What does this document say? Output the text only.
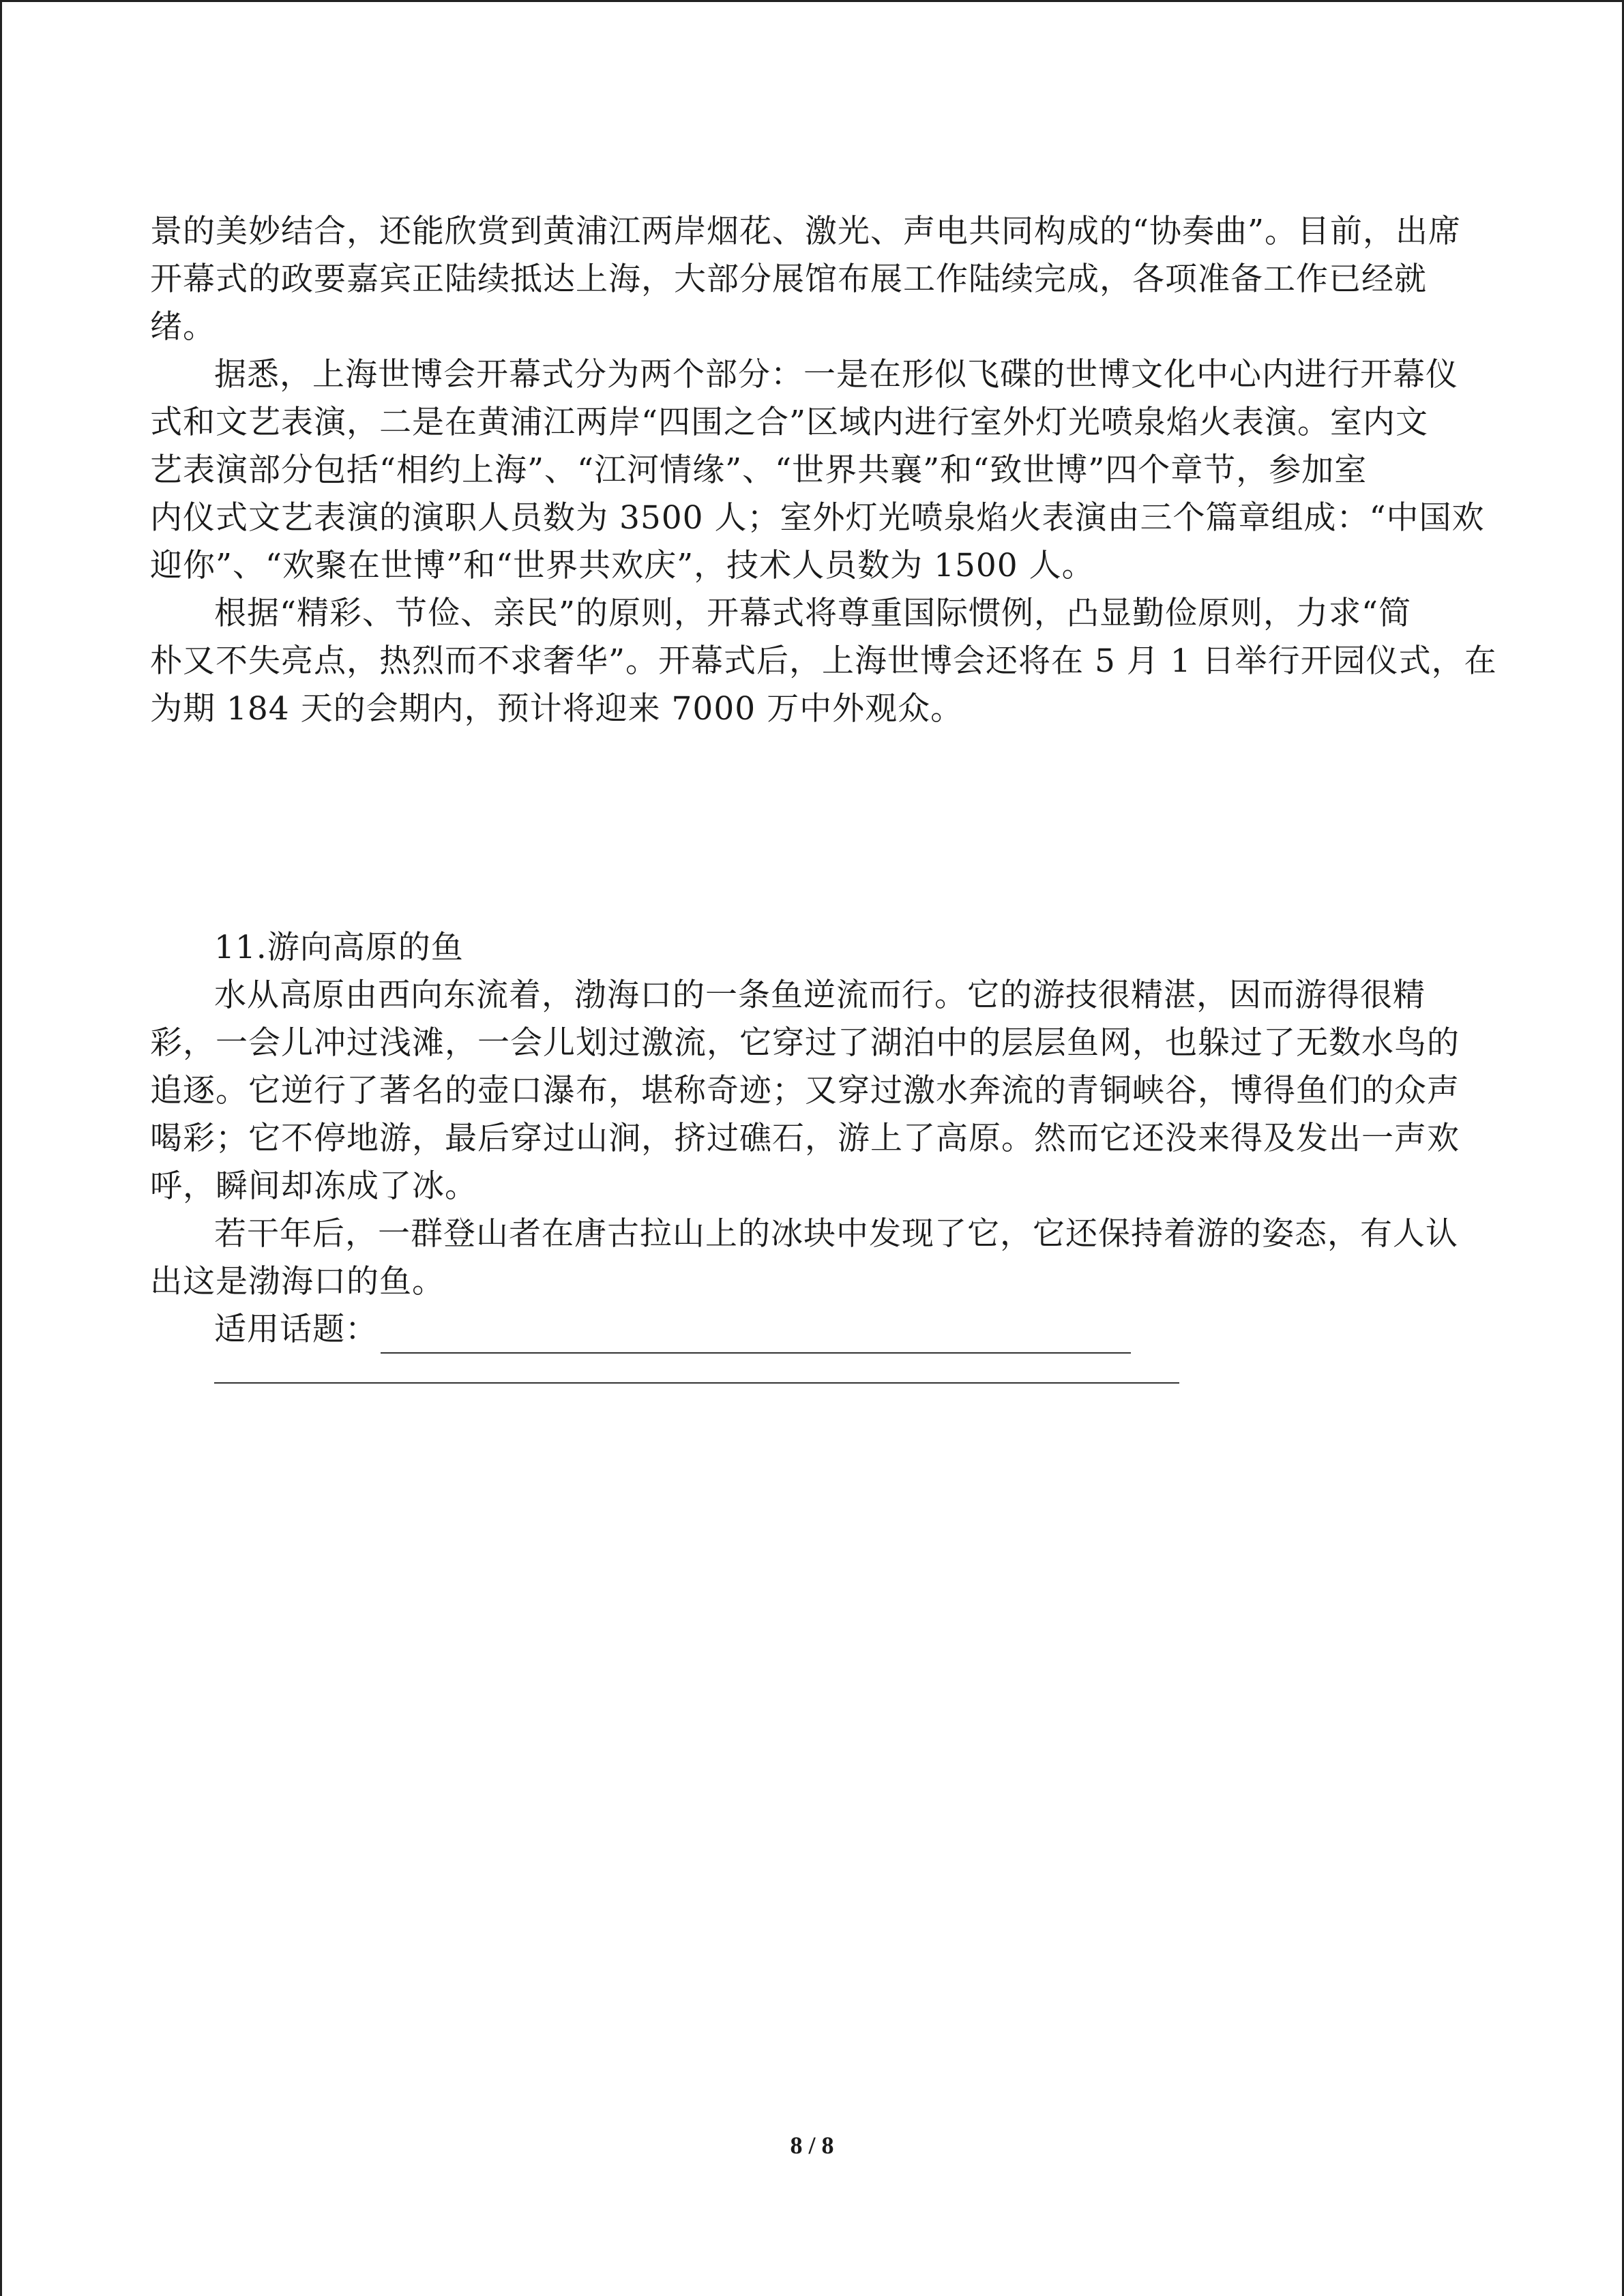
景的美妙结合，还能欣赏到黄浦江两岸烟花、激光、声电共同构成的“协奏曲”。目前，出席
开幕式的政要嘉宾正陆续抵达上海，大部分展馆布展工作陆续完成，各项准备工作已经就
绪。
据悉，上海世博会开幕式分为两个部分：一是在形似飞碟的世博文化中心内进行开幕仪
式和文艺表演，二是在黄浦江两岸“四围之合”区域内进行室外灯光喷泉焰火表演。室内文
艺表演部分包括“相约上海”、“江河情缘”、“世界共襄”和“致世博”四个章节，参加室
内仪式文艺表演的演职人员数为 3500 人；室外灯光喷泉焰火表演由三个篇章组成：“中国欢
迎你”、“欢聚在世博”和“世界共欢庆”，技术人员数为 1500 人。
根据“精彩、节俭、亲民”的原则，开幕式将尊重国际惯例，凸显勤俭原则，力求“简
朴又不失亮点，热烈而不求奢华”。开幕式后，上海世博会还将在 5 月 1 日举行开园仪式，在
为期 184 天的会期内，预计将迎来 7000 万中外观众。
11.游向高原的鱼
水从高原由西向东流着，渤海口的一条鱼逆流而行。它的游技很精湛，因而游得很精
彩，一会儿冲过浅滩，一会儿划过激流，它穿过了湖泊中的层层鱼网，也躲过了无数水鸟的
追逐。它逆行了著名的壶口瀑布，堪称奇迹；又穿过激水奔流的青铜峡谷，博得鱼们的众声
喝彩；它不停地游，最后穿过山涧，挤过礁石，游上了高原。然而它还没来得及发出一声欢
呼，瞬间却冻成了冰。
若干年后，一群登山者在唐古拉山上的冰块中发现了它，它还保持着游的姿态，有人认
出这是渤海口的鱼。
适用话题：
8 / 8
